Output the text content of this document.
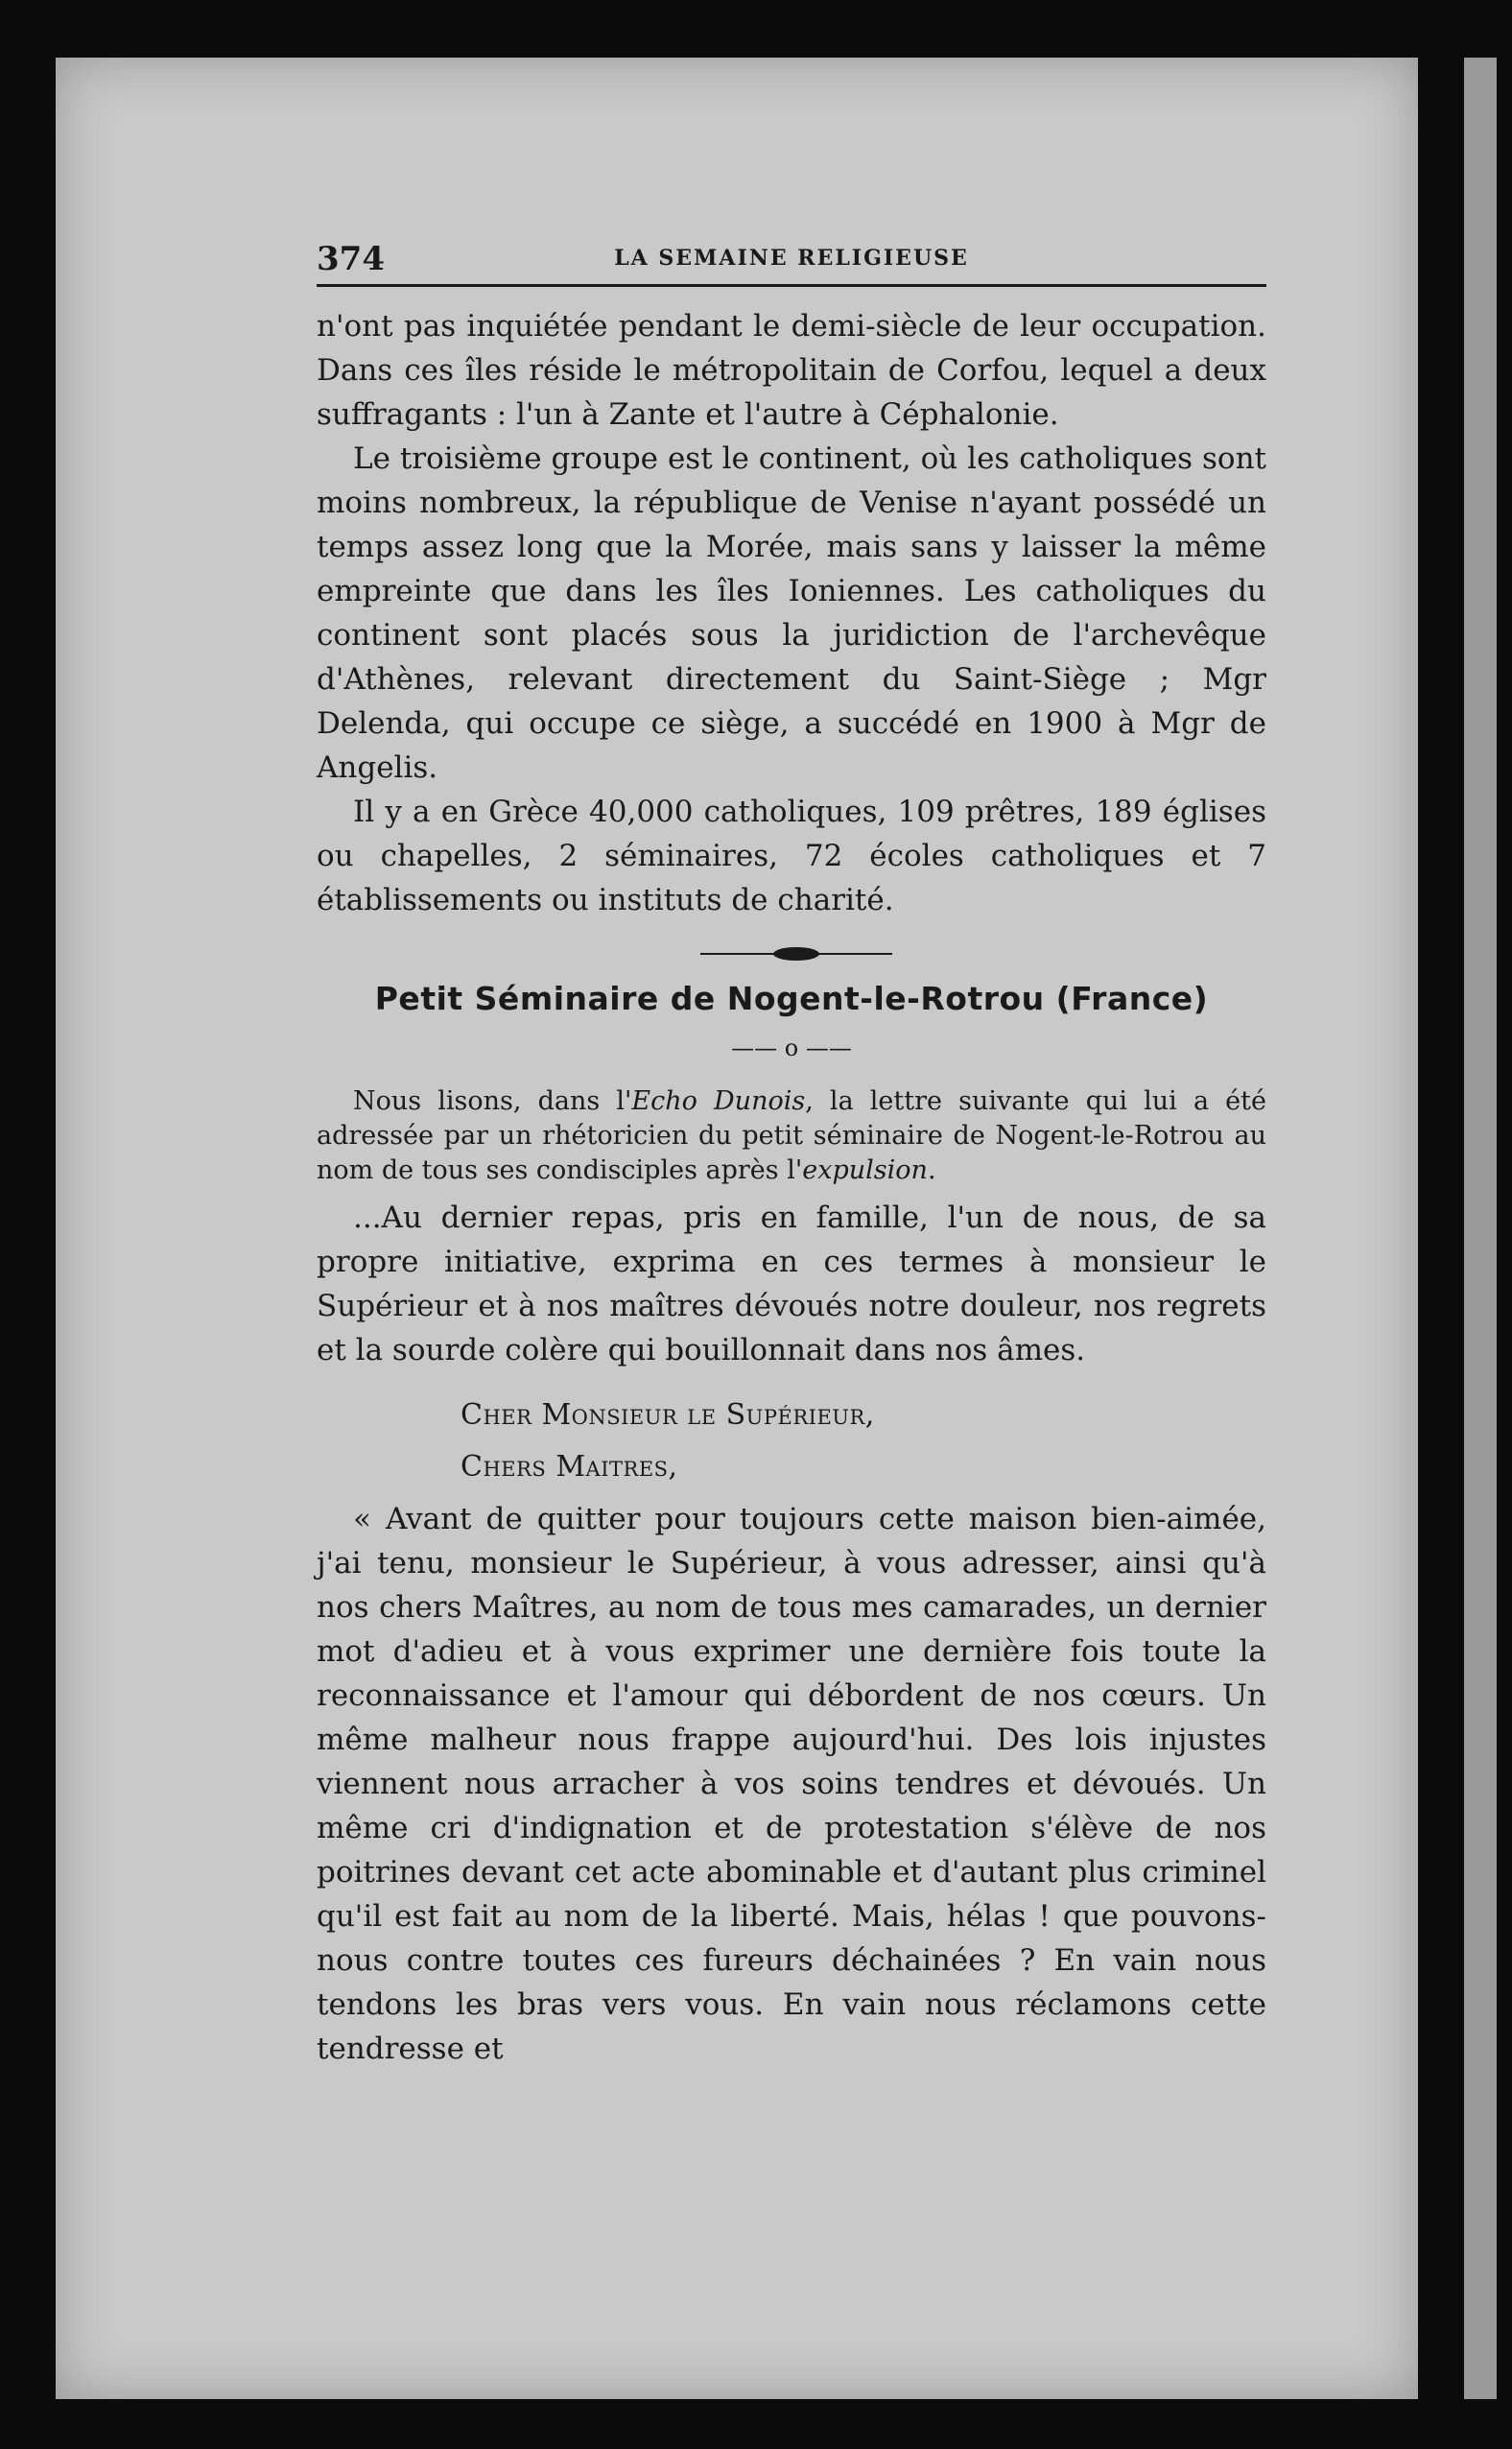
374	LA SEMAINE RELIGIEUSE

n'ont pas inquiétée pendant le demi-siècle de leur occupation. Dans ces îles réside le métropolitain de Corfou, lequel a deux suffragants : l'un à Zante et l'autre à Céphalonie.

Le troisième groupe est le continent, où les catholiques sont moins nombreux, la république de Venise n'ayant possédé un temps assez long que la Morée, mais sans y laisser la même empreinte que dans les îles Ioniennes. Les catholiques du continent sont placés sous la juridiction de l'archevêque d'Athènes, relevant directement du Saint-Siège ; Mgr Delenda, qui occupe ce siège, a succédé en 1900 à Mgr de Angelis.

Il y a en Grèce 40,000 catholiques, 109 prêtres, 189 églises ou chapelles, 2 séminaires, 72 écoles catholiques et 7 établissements ou instituts de charité.

Petit Séminaire de Nogent-le-Rotrou (France)
—— o ——

Nous lisons, dans l'Echo Dunois, la lettre suivante qui lui a été adressée par un rhétoricien du petit séminaire de Nogent-le-Rotrou au nom de tous ses condisciples après l'expulsion.

...Au dernier repas, pris en famille, l'un de nous, de sa propre initiative, exprima en ces termes à monsieur le Supérieur et à nos maîtres dévoués notre douleur, nos regrets et la sourde colère qui bouillonnait dans nos âmes.

Cher Monsieur le Supérieur,
Chers Maitres,

« Avant de quitter pour toujours cette maison bien-aimée, j'ai tenu, monsieur le Supérieur, à vous adresser, ainsi qu'à nos chers Maîtres, au nom de tous mes camarades, un dernier mot d'adieu et à vous exprimer une dernière fois toute la reconnaissance et l'amour qui débordent de nos cœurs. Un même malheur nous frappe aujourd'hui. Des lois injustes viennent nous arracher à vos soins tendres et dévoués. Un même cri d'indignation et de protestation s'élève de nos poitrines devant cet acte abominable et d'autant plus criminel qu'il est fait au nom de la liberté. Mais, hélas ! que pouvons-nous contre toutes ces fureurs déchainées ? En vain nous tendons les bras vers vous. En vain nous réclamons cette tendresse et
